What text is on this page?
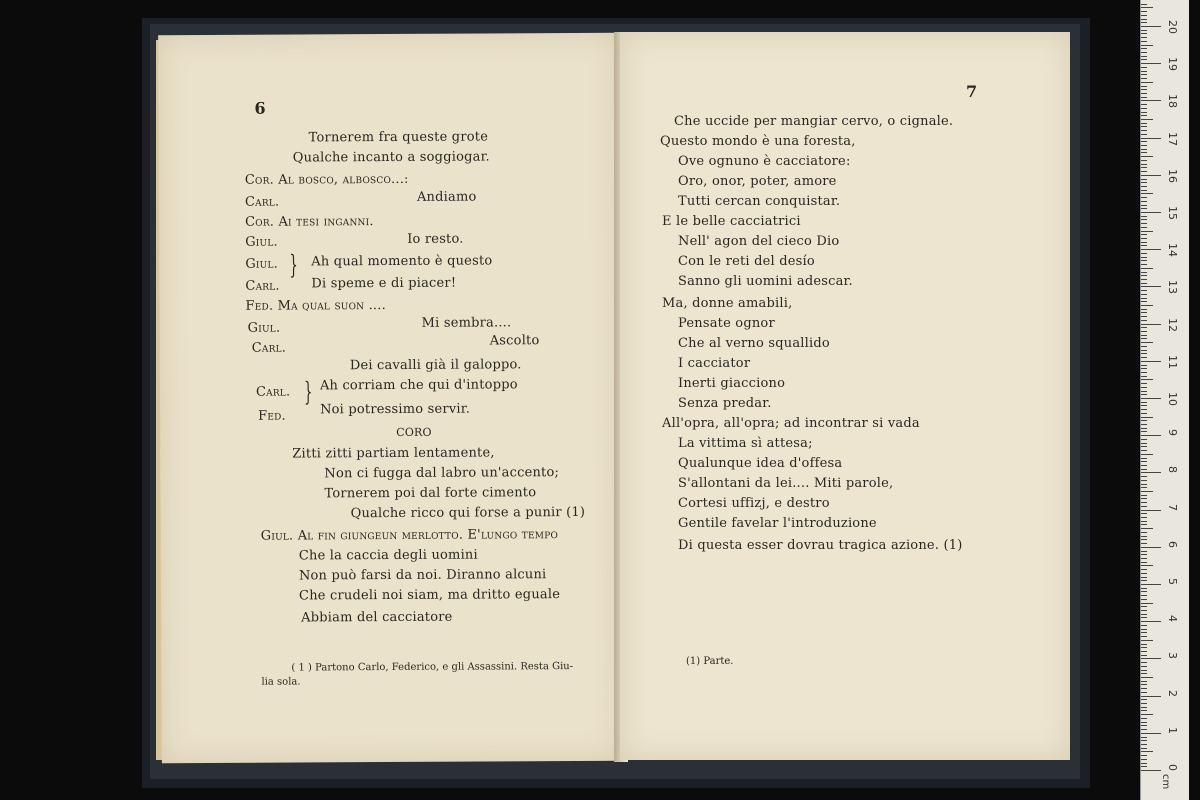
6
Tornerem fra queste grote
Qualche incanto a soggiogar.
Cor. Al bosco, albosco...:
Carl.	Andiamo
Cor. Ai tesi inganni.
Giul.	Io resto.
Giul. } Ah qual momento è questo
Carl. Di speme e di piacer!
Fed. Ma qual suon ....
Giul.	Mi sembra....
Carl.	Ascolto
Dei cavalli già il galoppo.
Carl. } Ah corriam che qui d'intoppo
Fed.	Noi potressimo servir.
CORO
Zitti zitti partiam lentamente,
Non ci fugga dal labro un'accento;
Tornerem poi dal forte cimento
Qualche ricco qui forse a punir (1)
Giul. Al fin giungeun merlotto. E'lungo tempo
Che la caccia degli uomini
Non può farsi da noi. Diranno alcuni
Che crudeli noi siam, ma dritto eguale
Abbiam del cacciatore
( 1 ) Partono Carlo, Federico, e gli Assassini. Resta Giu-
lia sola.
7
Che uccide per mangiar cervo, o cignale.
Questo mondo è una foresta,
Ove ognuno è cacciatore:
Oro, onor, poter, amore
Tutti cercan conquistar.
E le belle cacciatrici
Nell' agon del cieco Dio
Con le reti del desío
Sanno gli uomini adescar.
Ma, donne amabili,
Pensate ognor
Che al verno squallido
I cacciator
Inerti giacciono
Senza predar.
All'opra, all'opra; ad incontrar si vada
La vittima sì attesa;
Qualunque idea d'offesa
S'allontani da lei.... Miti parole,
Cortesi uffizj, e destro
Gentile favelar l'introduzione
Di questa esser dovrau tragica azione. (1)
(1) Parte.
0
1
2
3
4
5
6
7
8
9
10
11
12
13
14
15
16
17
18
19
20
cm
